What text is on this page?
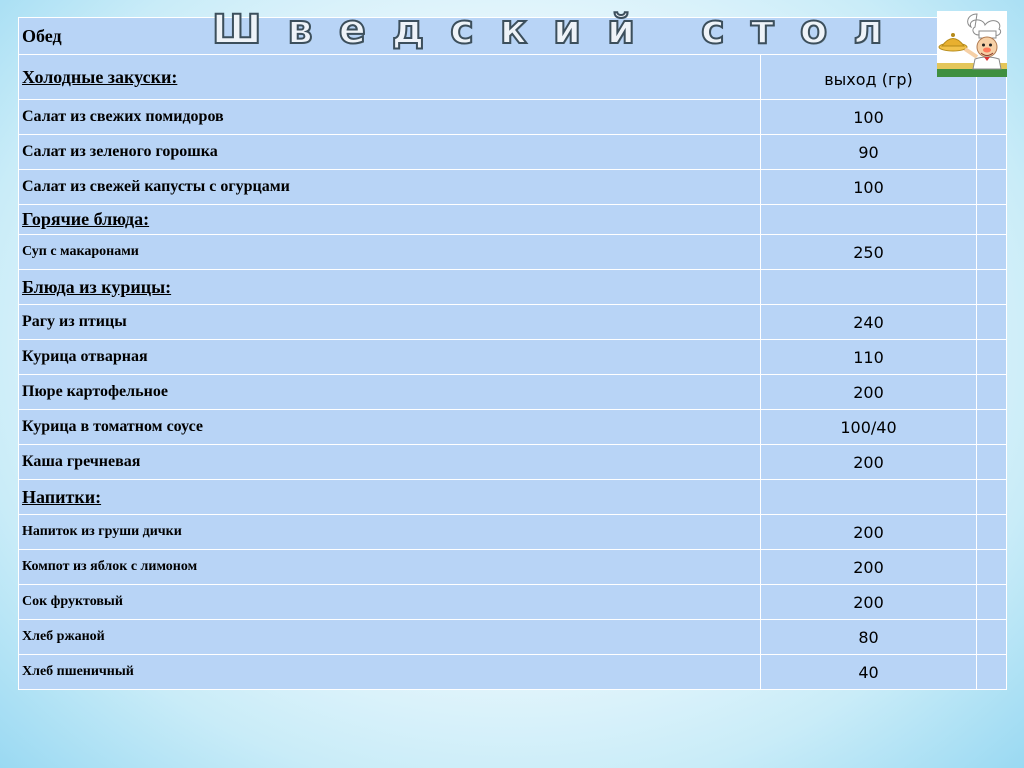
Шведский стол
Обед		
Холодные закуски:	выход (гр)	
Салат из свежих помидоров	100	
Салат из зеленого горошка	90	
Салат из свежей капусты с огурцами	100	
Горячие блюда:		
Суп с макаронами	250	
Блюда из курицы:		
Рагу из птицы	240	
Курица отварная	110	
Пюре картофельное	200	
Курица в томатном соусе	100/40	
Каша гречневая	200	
Напитки:		
Напиток из груши дички	200	
Компот из яблок с лимоном	200	
Сок фруктовый	200	
Хлеб ржаной	80	
Хлеб пшеничный	40	
